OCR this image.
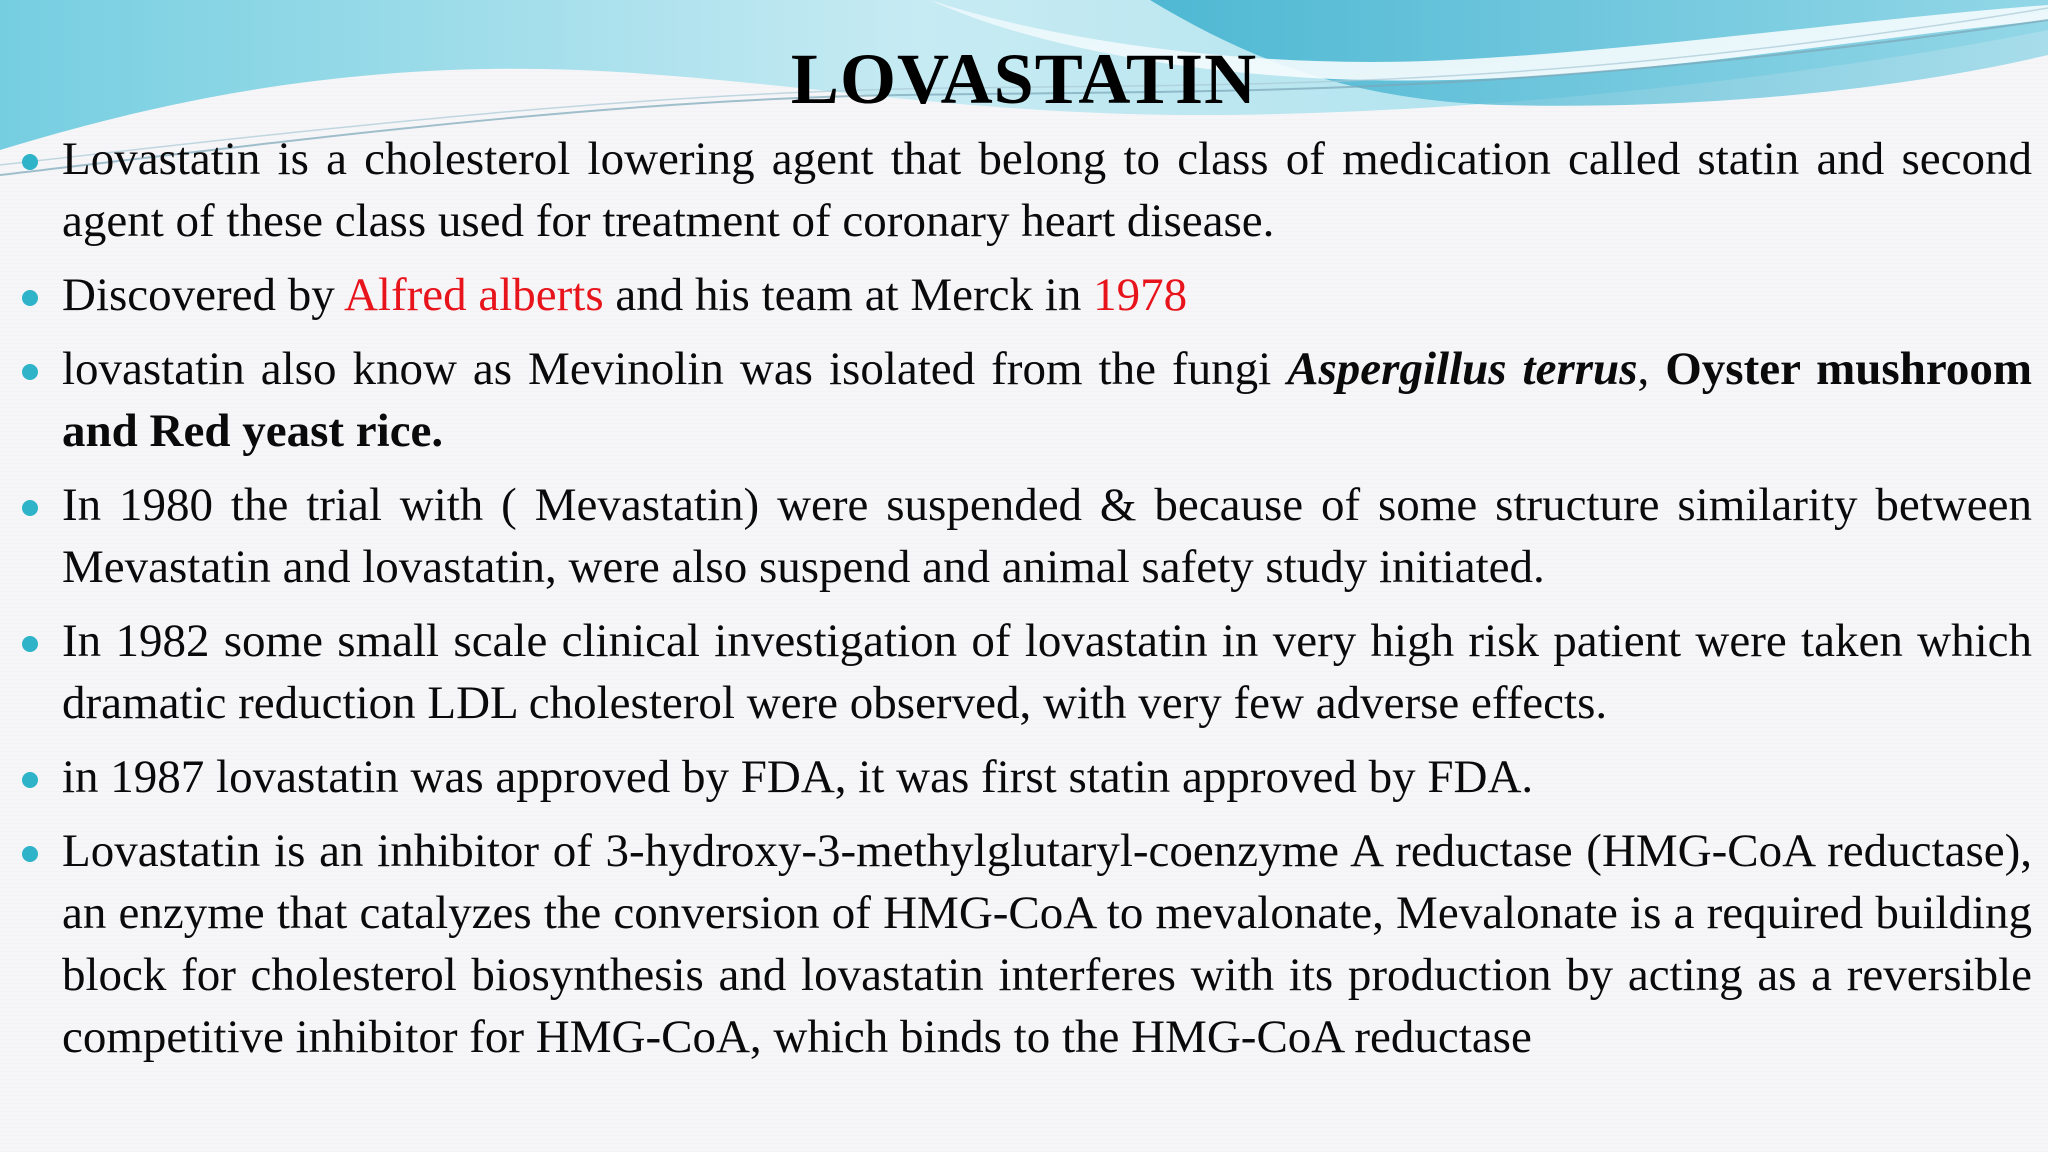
LOVASTATIN
Lovastatin is a cholesterol lowering agent that belong to class of medication called statin and second agent of these class used for treatment of coronary heart disease.
Discovered by Alfred alberts and his team at Merck in 1978
lovastatin also know as Mevinolin was isolated from the fungi Aspergillus terrus, Oyster mushroom and Red yeast rice.
In 1980 the trial with ( Mevastatin) were suspended & because of some structure similarity between Mevastatin and lovastatin, were also suspend and animal safety study initiated.
In 1982 some small scale clinical investigation of lovastatin in very high risk patient were taken which dramatic reduction LDL cholesterol were observed, with very few adverse effects.
in 1987 lovastatin was approved by FDA, it was first statin approved by FDA.
Lovastatin is an inhibitor of 3-hydroxy-3-methylglutaryl-coenzyme A reductase (HMG-CoA reductase), an enzyme that catalyzes the conversion of HMG-CoA to mevalonate, Mevalonate is a required building block for cholesterol biosynthesis and lovastatin interferes with its production by acting as a reversible competitive inhibitor for HMG-CoA, which binds to the HMG-CoA reductase
